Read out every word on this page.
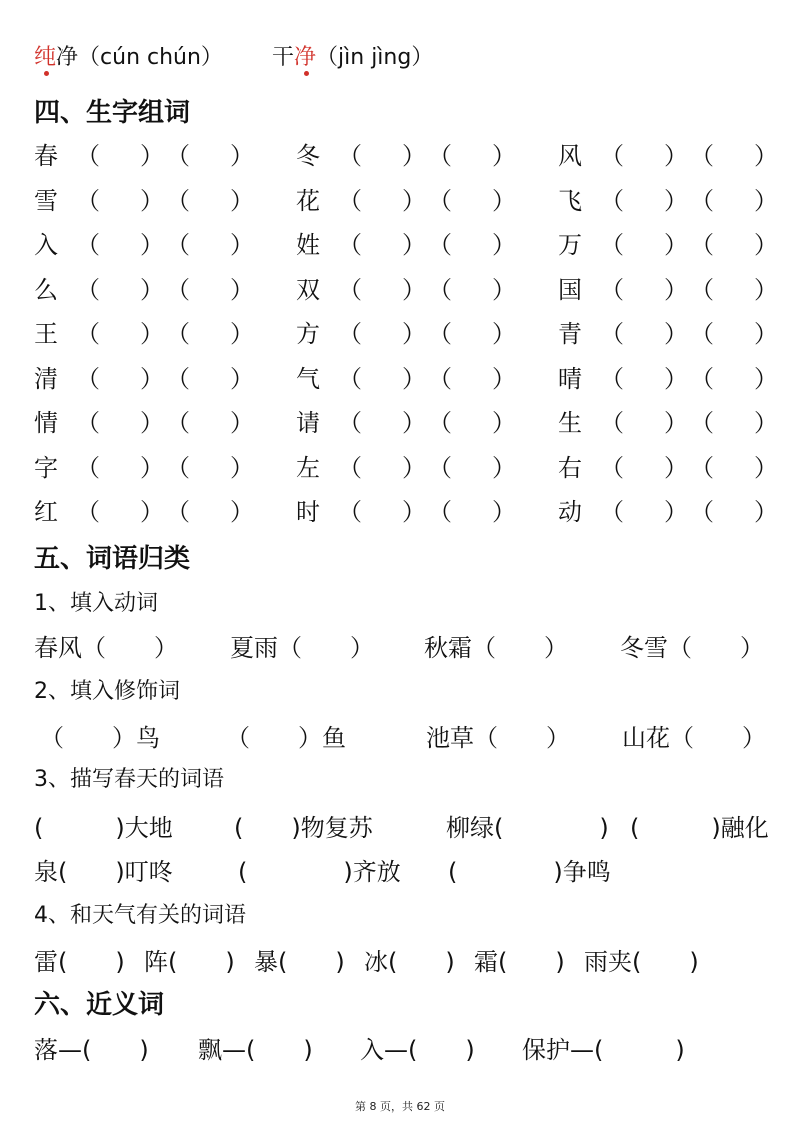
纯净（cún chún） 干净（jìn jìng）
四、生字组词
春 （ ） （ ） 冬 （ ） （ ） 风 （ ） （ ）
雪 （ ） （ ） 花 （ ） （ ） 飞 （ ） （ ）
入 （ ） （ ） 姓 （ ） （ ） 万 （ ） （ ）
么 （ ） （ ） 双 （ ） （ ） 国 （ ） （ ）
王 （ ） （ ） 方 （ ） （ ） 青 （ ） （ ）
清 （ ） （ ） 气 （ ） （ ） 晴 （ ） （ ）
情 （ ） （ ） 请 （ ） （ ） 生 （ ） （ ）
字 （ ） （ ） 左 （ ） （ ） 右 （ ） （ ）
红 （ ） （ ） 时 （ ） （ ） 动 （ ） （ ）
五、词语归类
1、填入动词
春风（　　） 夏雨（　　） 秋霜（　　） 冬雪（　　）
2、填入修饰词
（　　）鸟	（　　）鱼	池草（　　） 山花（　　）
3、描写春天的词语
(　　　)大地	(　　)物复苏	柳绿(　　　　) (　　　)融化
泉(　　)叮咚	(　　　　)齐放 (　　　　)争鸣
4、和天气有关的词语
雷(　　) 阵(　　) 暴(　　) 冰(　　) 霜(　　) 雨夹(　　)
六、近义词
落—(　　) 飘—(　　) 入—(　　) 保护—(　　　)
第 8 页，共 62 页
